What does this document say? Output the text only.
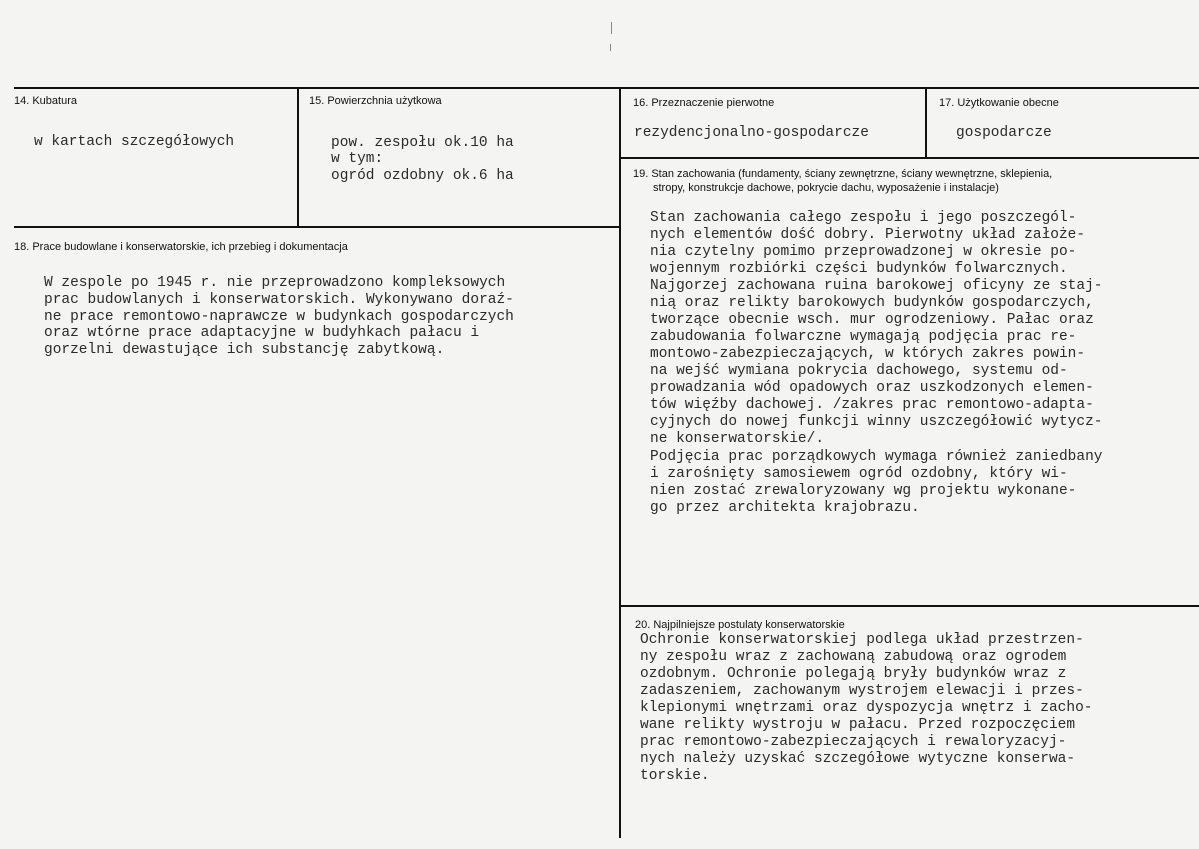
14. Kubatura
w kartach szczegółowych
15. Powierzchnia użytkowa
pow. zespołu ok.10 ha
w tym:
ogród ozdobny ok.6 ha
16. Przeznaczenie pierwotne
rezydencjonalno-gospodarcze
17. Użytkowanie obecne
gospodarcze
18. Prace budowlane i konserwatorskie, ich przebieg i dokumentacja
W zespole po 1945 r. nie przeprowadzono kompleksowych
prac budowlanych i konserwatorskich. Wykonywano doraź-
ne prace remontowo-naprawcze w budynkach gospodarczych
oraz wtórne prace adaptacyjne w budyhkach pałacu i
gorzelni dewastujące ich substancję zabytkową.
19. Stan zachowania (fundamenty, ściany zewnętrzne, ściany wewnętrzne, sklepienia,
stropy, konstrukcje dachowe, pokrycie dachu, wyposażenie i instalacje)
Stan zachowania całego zespołu i jego poszczegól-
nych elementów dość dobry. Pierwotny układ założe-
nia czytelny pomimo przeprowadzonej w okresie po-
wojennym rozbiórki części budynków folwarcznych.
Najgorzej zachowana ruina barokowej oficyny ze staj-
nią oraz relikty barokowych budynków gospodarczych,
tworzące obecnie wsch. mur ogrodzeniowy. Pałac oraz
zabudowania folwarczne wymagają podjęcia prac re-
montowo-zabezpieczających, w których zakres powin-
na wejść wymiana pokrycia dachowego, systemu od-
prowadzania wód opadowych oraz uszkodzonych elemen-
tów więźby dachowej. /zakres prac remontowo-adapta-
cyjnych do nowej funkcji winny uszczegółowić wytycz-
ne konserwatorskie/.
Podjęcia prac porządkowych wymaga również zaniedbany
i zarośnięty samosiewem ogród ozdobny, który wi-
nien zostać zrewaloryzowany wg projektu wykonane-
go przez architekta krajobrazu.
20. Najpilniejsze postulaty konserwatorskie
Ochronie konserwatorskiej podlega układ przestrzen-
ny zespołu wraz z zachowaną zabudową oraz ogrodem
ozdobnym. Ochronie polegają bryły budynków wraz z
zadaszeniem, zachowanym wystrojem elewacji i przes-
klepionymi wnętrzami oraz dyspozycja wnętrz i zacho-
wane relikty wystroju w pałacu. Przed rozpoczęciem
prac remontowo-zabezpieczających i rewaloryzacyj-
nych należy uzyskać szczegółowe wytyczne konserwa-
torskie.
